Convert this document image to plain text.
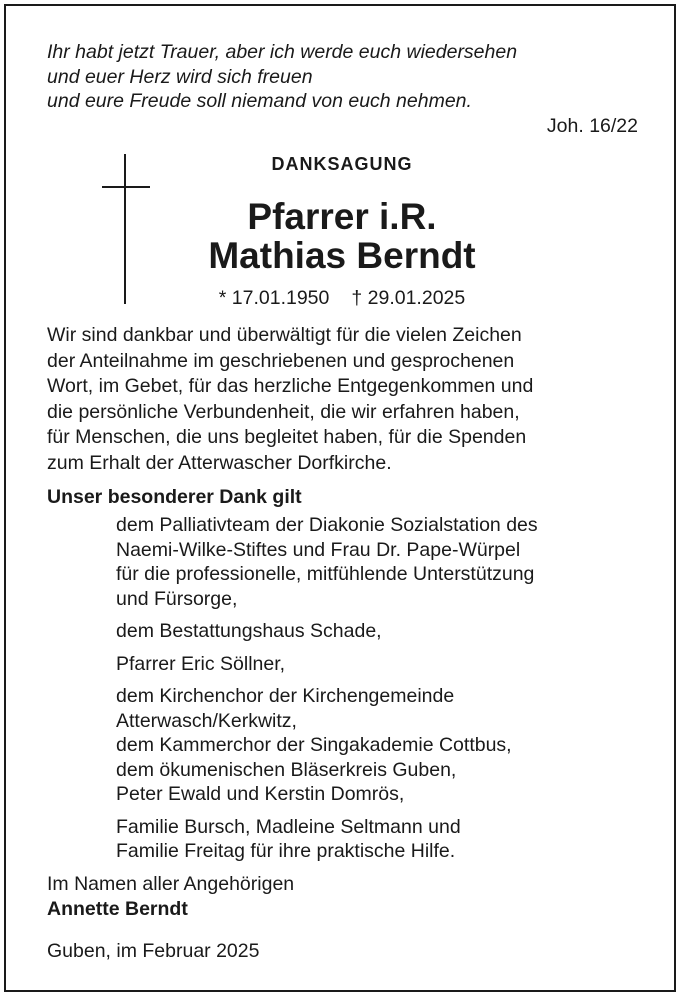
Ihr habt jetzt Trauer, aber ich werde euch wiedersehen
und euer Herz wird sich freuen
und eure Freude soll niemand von euch nehmen.
Joh. 16/22
DANKSAGUNG
Pfarrer i.R.
Mathias Berndt
* 17.01.1950 † 29.01.2025
Wir sind dankbar und überwältigt für die vielen Zeichen
der Anteilnahme im geschriebenen und gesprochenen
Wort, im Gebet, für das herzliche Entgegenkommen und
die persönliche Verbundenheit, die wir erfahren haben,
für Menschen, die uns begleitet haben, für die Spenden
zum Erhalt der Atterwascher Dorfkirche.
Unser besonderer Dank gilt
dem Palliativteam der Diakonie Sozialstation des
Naemi-Wilke-Stiftes und Frau Dr. Pape-Würpel
für die professionelle, mitfühlende Unterstützung
und Fürsorge,
dem Bestattungshaus Schade,
Pfarrer Eric Söllner,
dem Kirchenchor der Kirchengemeinde
Atterwasch/Kerkwitz,
dem Kammerchor der Singakademie Cottbus,
dem ökumenischen Bläserkreis Guben,
Peter Ewald und Kerstin Domrös,
Familie Bursch, Madleine Seltmann und
Familie Freitag für ihre praktische Hilfe.
Im Namen aller Angehörigen
Annette Berndt
Guben, im Februar 2025
